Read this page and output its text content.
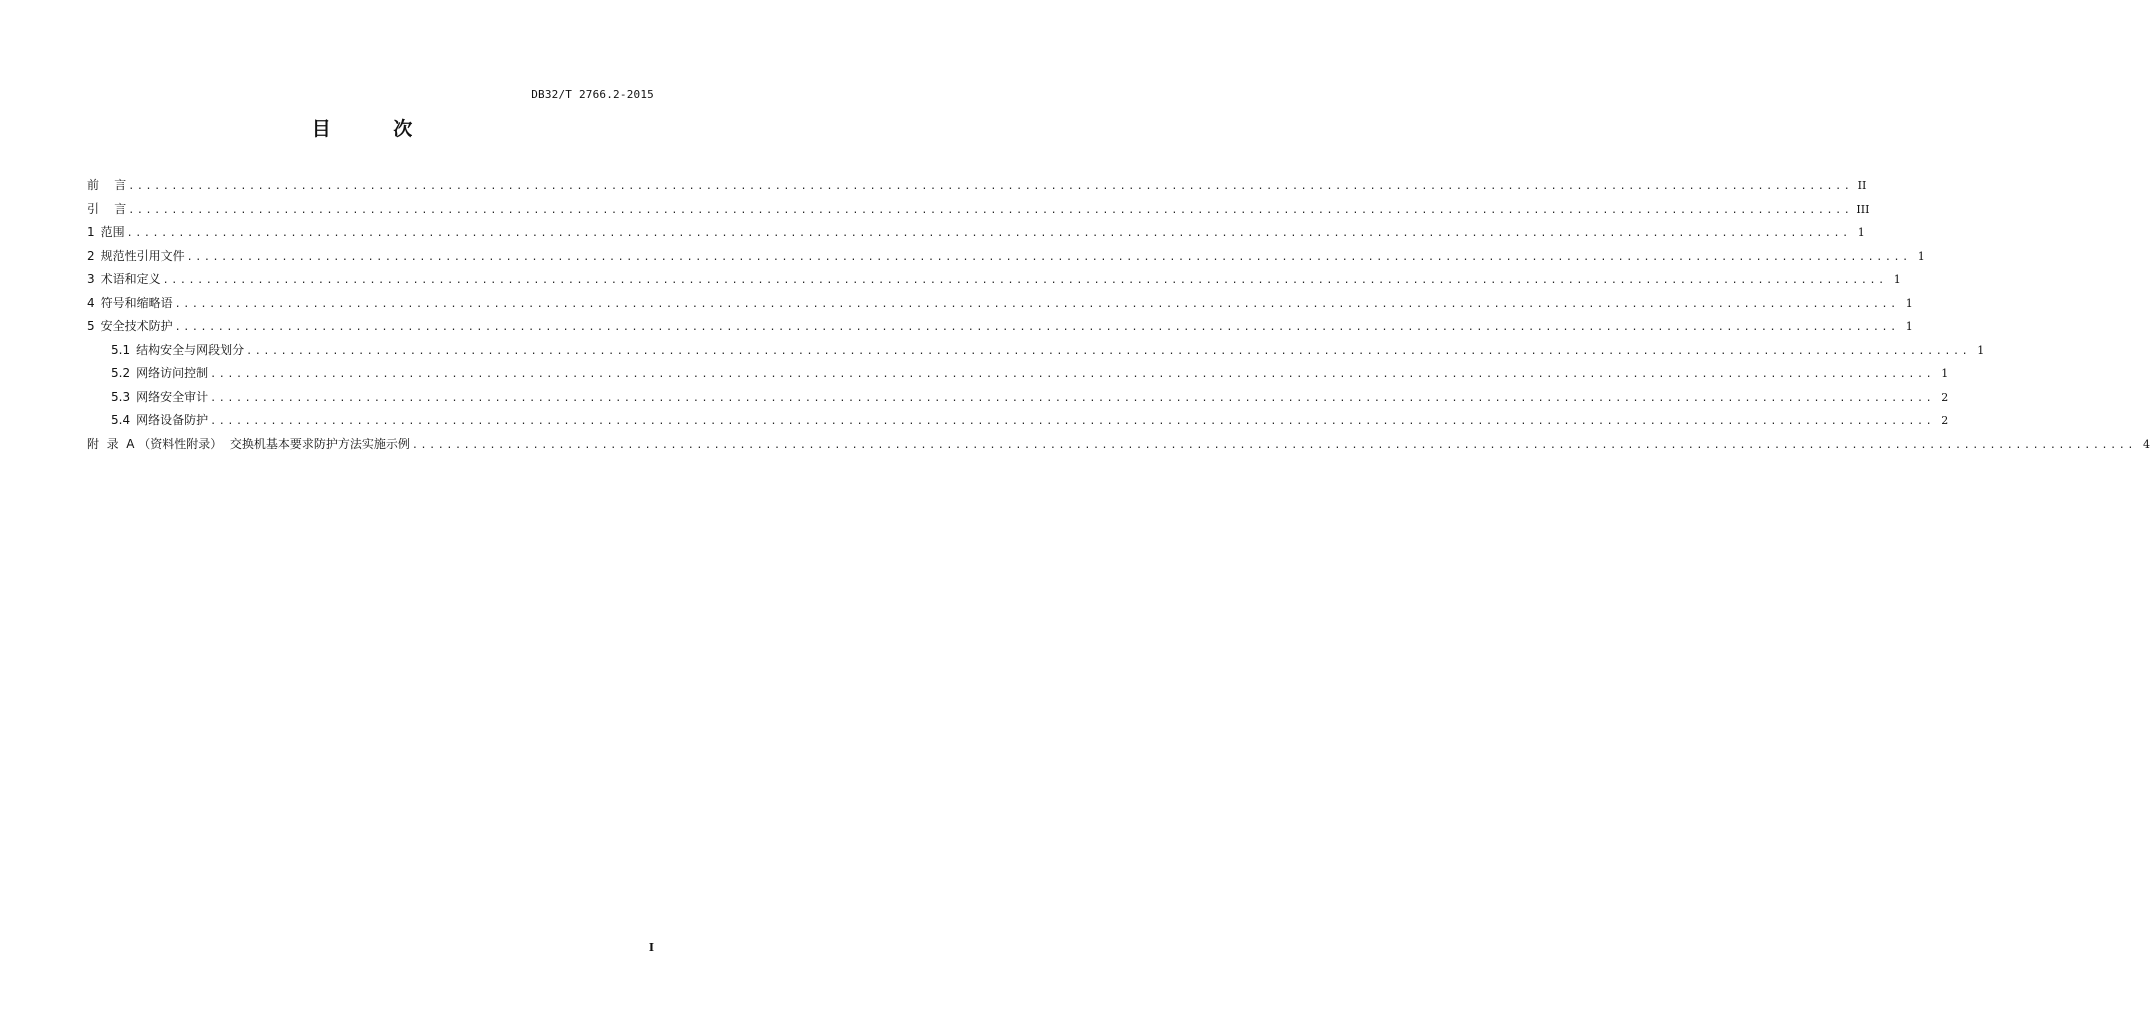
DB32/T 2766.2-2015
目 次
前    言 ........................................................................................................................................................................................................ II
引    言 ........................................................................................................................................................................................................ III
1 范围 ........................................................................................................................................................................................................ 1
2 规范性引用文件 ........................................................................................................................................................................................................ 1
3 术语和定义 ........................................................................................................................................................................................................ 1
4 符号和缩略语 ........................................................................................................................................................................................................ 1
5 安全技术防护 ........................................................................................................................................................................................................ 1
5.1 结构安全与网段划分 ........................................................................................................................................................................................................ 1
5.2 网络访问控制 ........................................................................................................................................................................................................ 1
5.3 网络安全审计 ........................................................................................................................................................................................................ 2
5.4 网络设备防护 ........................................................................................................................................................................................................ 2
附  录  A （资料性附录）  交换机基本要求防护方法实施示例 ........................................................................................................................................................................................................ 4
I
